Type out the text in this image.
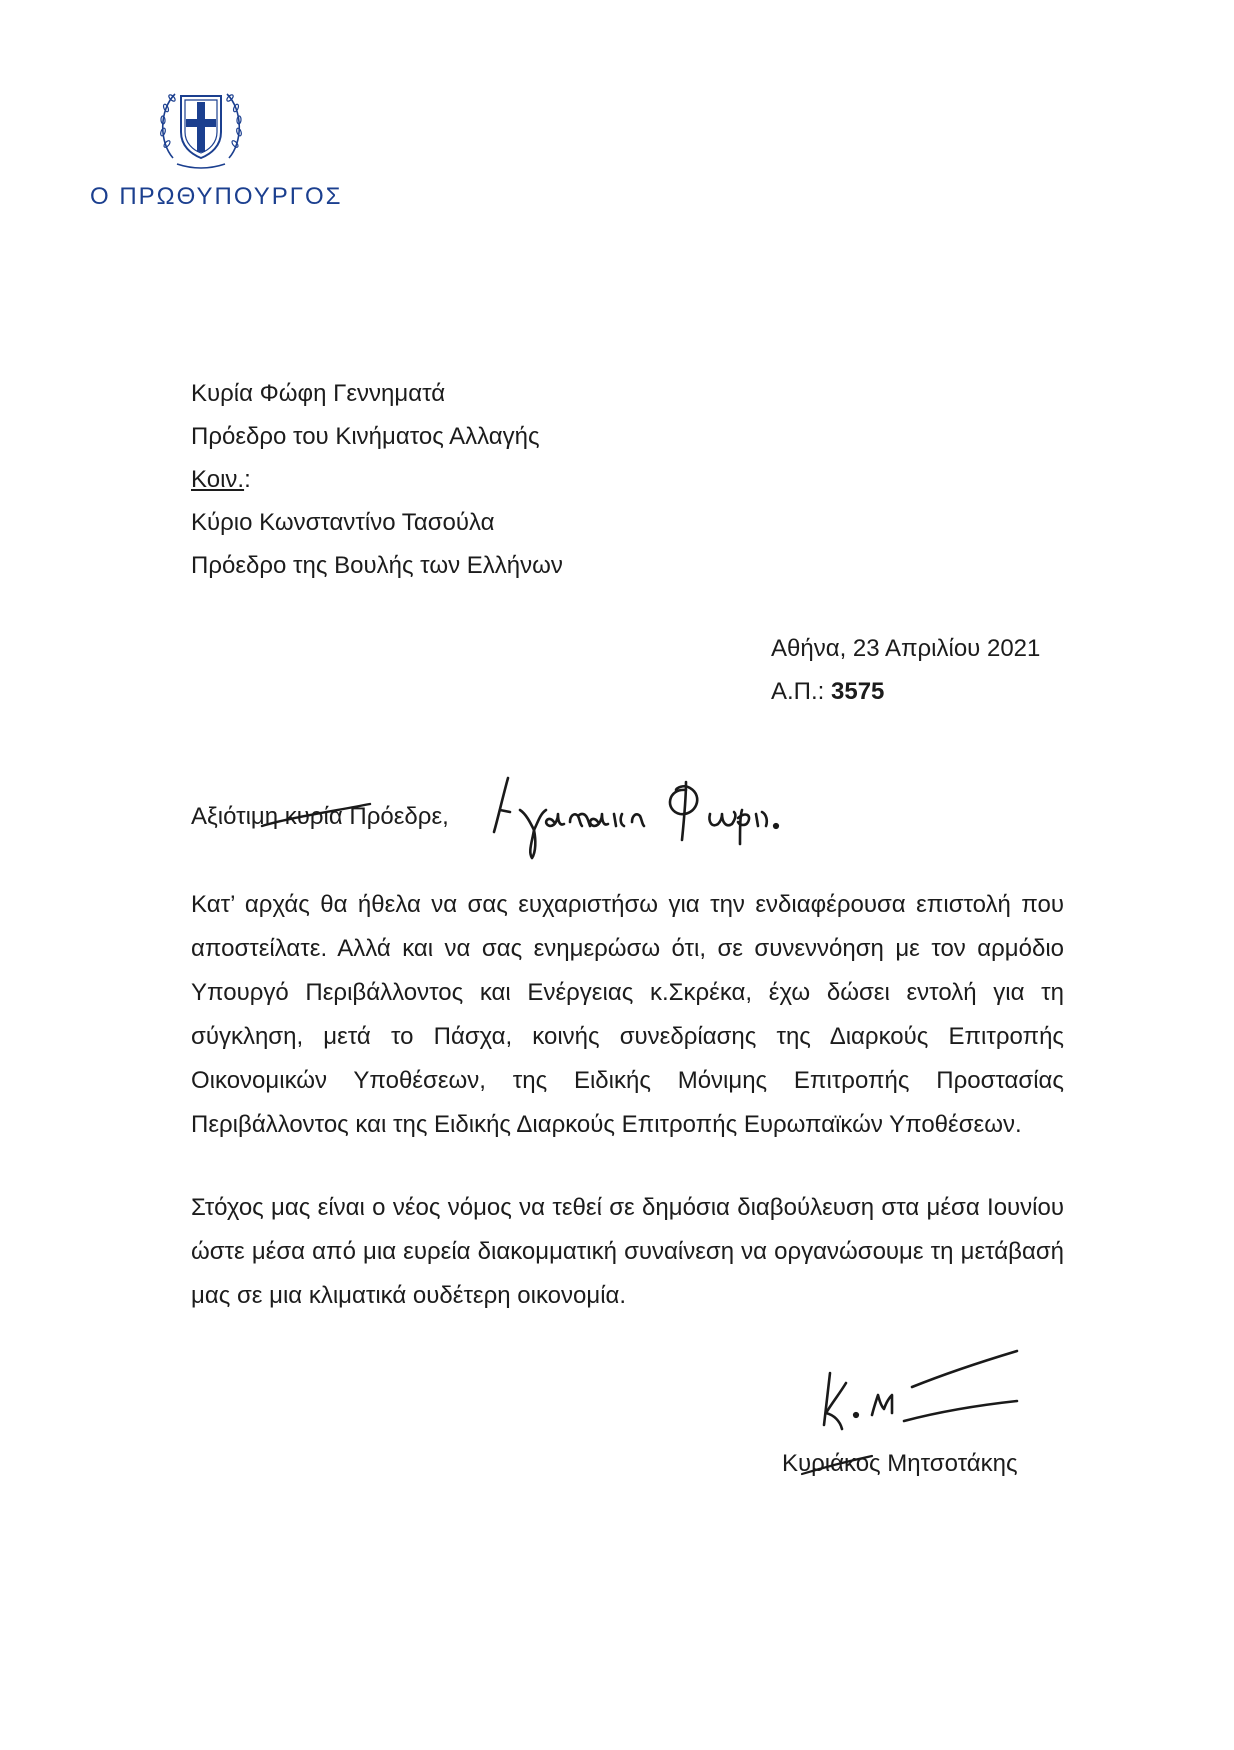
Ο ΠΡΩΘΥΠΟΥΡΓΟΣ
Κυρία Φώφη Γεννηματά
Πρόεδρο του Κινήματος Αλλαγής
Κοιν.:
Κύριο Κωνσταντίνο Τασούλα
Πρόεδρο της Βουλής των Ελλήνων
Αθήνα, 23 Απριλίου 2021
Α.Π.: 3575
Αξιότιμη κυρία Πρόεδρε,
Κατ’ αρχάς θα ήθελα να σας ευχαριστήσω για την ενδιαφέρουσα επιστολή που αποστείλατε. Αλλά και να σας ενημερώσω ότι, σε συνεννόηση με τον αρμόδιο Υπουργό Περιβάλλοντος και Ενέργειας κ.Σκρέκα, έχω δώσει εντολή για τη σύγκληση, μετά το Πάσχα, κοινής συνεδρίασης της Διαρκούς Επιτροπής Οικονομικών Υποθέσεων, της Ειδικής Μόνιμης Επιτροπής Προστασίας Περιβάλλοντος και της Ειδικής Διαρκούς Επιτροπής Ευρωπαϊκών Υποθέσεων.
Στόχος μας είναι ο νέος νόμος να τεθεί σε δημόσια διαβούλευση στα μέσα Ιουνίου ώστε μέσα από μια ευρεία διακομματική συναίνεση να οργανώσουμε τη μετάβασή μας σε μια κλιματικά ουδέτερη οικονομία.
Κυριάκος Μητσοτάκης
